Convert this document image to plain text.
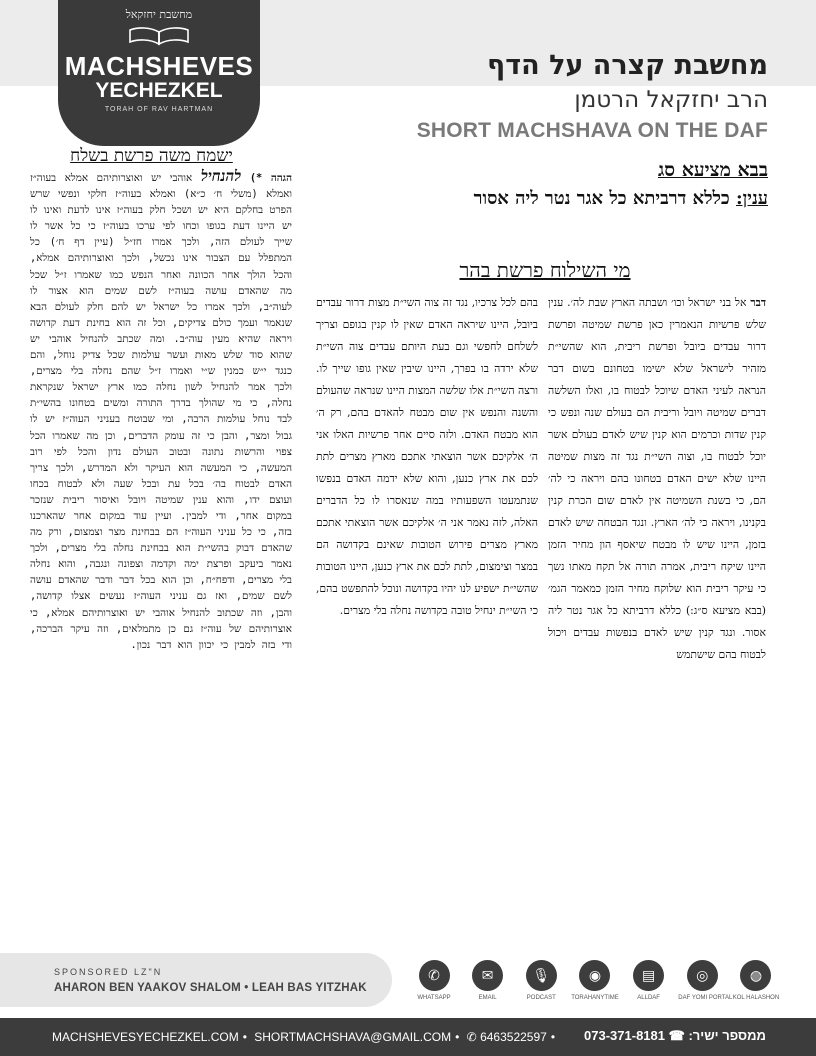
מחשבת יחזקאל
MACHSHEVES
YECHEZKEL
TORAH OF RAV HARTMAN
מחשבת קצרה על הדף
הרב יחזקאל הרטמן
SHORT MACHSHAVA ON THE DAF
בבא מציעא סג
ענין: כללא דרביתא כל אגר נטר ליה אסור
מי השילוח פרשת בהר

דבר אל בני ישראל וכו׳ ושבתה הארץ שבת לה׳. ענין שלש פרשיות הנאמרין כאן פרשת שמיטה ופרשת דרור עבדים ביובל ופרשת ריבית, הוא שהשי״ת מזהיר לישראל שלא ישימו בטחונם בשום דבר הנראה לעיני האדם שיוכל לבטוח בו, ואלו השלשה דברים שמיטה ויובל וריבית הם בעולם שנה ונפש כי קנין שדות וכרמים הוא קנין שיש לאדם בעולם אשר יוכל לבטוח בו, וצוה השי״ת נגד זה מצות שמיטה היינו שלא ישים האדם בטחונו בהם ויראה כי לה׳ הם, כי בשנת השמיטה אין לאדם שום הכרת קנין בקנינו, ויראה כי לה׳ הארץ. ונגד הבטחה שיש לאדם בזמן, היינו שיש לו מבטח שיאסף הון מחיר הזמן היינו שיקח ריבית, אמרה תורה אל תקח מאתו נשך כי עיקר ריבית הוא שלוקח מחיר הזמן כמאמר הגמ׳ (בבא מציעא ס״ג:) כללא דרביתא כל אגר נטר ליה אסור. ונגד קנין שיש לאדם בנפשות עבדים ויכול לבטוח בהם שישתמש

בהם לכל צרכיו, נגד זה צוה השי״ת מצות דרור עבדים ביובל, היינו שיראה האדם שאין לו קנין בגופם וצריך לשלחם לחפשי וגם בעת היותם עבדים צוה השי״ת שלא ירדה בו בפרך, היינו שיבין שאין גופו שייך לו. ורצה השי״ת אלו שלשה המצות היינו שנראה שהעולם והשנה והנפש אין שום מבטח להאדם בהם, רק ה׳ הוא מבטח האדם. ולזה סיים אחר פרשיות האלו אני ה׳ אלקיכם אשר הוצאתי אתכם מארץ מצרים לתת לכם את ארץ כנען, והוא שלא ידמה האדם בנפשו שנתמעטו השפעותיו במה שנאסרו לו כל הדברים האלה, לזה נאמר אני ה׳ אלקיכם אשר הוצאתי אתכם מארץ מצרים פירוש הטובות שאינם בקדושה הם במצר וצימצום, לתת לכם את ארץ כנען, היינו הטובות שהשי״ת ישפיע לנו יהיו בקדושה ונוכל להתפשט בהם, כי השי״ת ינחיל טובה בקדושה נחלה בלי מצרים.

ישמח משה פרשת בשלח
הגהה *) להנחיל אוהבי יש ואוצרותיהם אמלא בעוה״ז ואמלא (משלי ח׳ כ״א) ואמלא בעוה״ז חלקי ונפשי שרש הפרט בחלקם היא יש ושכל חלק בעוה״ז אינו לדעת ואינו לו יש היינו דעת בגופו וכחו לפי ערכו בעוה״ז כי כל אשר לו שייך לעולם הזה, ולכך אמרו חז״ל (עיין דף ח׳) כל המתפלל עם הצבור אינו נכשל, ולכך ואוצרותיהם אמלא, והכל הולך אחר הכוונה ואחר הנפש כמו שאמרו ז״ל שכל מה שהאדם עושה בעוה״ז לשם שמים הוא אצור לו לעוה״ב, ולכך אמרו כל ישראל יש להם חלק לעולם הבא שנאמר ועמך כולם צדיקים, וכל זה הוא בחינת דעת קדושה ויראה שהיא מעין עוה״ב. ומה שכתב להנחיל אוהבי יש שהוא סוד שלש מאות ועשר עולמות שכל צדיק נוחל, והם כנגד י״ש כמנין ש״י ואמרו ז״ל שהם נחלה בלי מצרים, ולכך אמר להנחיל לשון נחלה כמו ארץ ישראל שנקראת נחלה, כי מי שהולך בדרך התורה ומשים בטחונו בהשי״ת לבד נוחל עולמות הרבה, ומי שבוטח בעניני העוה״ז יש לו גבול ומצר, והבן כי זה עומק הדברים, וכן מה שאמרו הכל צפוי והרשות נתונה ובטוב העולם נדון והכל לפי רוב המעשה, כי המעשה הוא העיקר ולא המדרש, ולכך צריך האדם לבטוח בה׳ בכל עת ובכל שעה ולא לבטוח בכחו ועוצם ידו, והוא ענין שמיטה ויובל ואיסור ריבית שנזכר במקום אחר, ודי למבין. ועיין עוד במקום אחר שהארכנו בזה, כי כל עניני העוה״ז הם בבחינת מצר וצמצום, ורק מה שהאדם דבוק בהשי״ת הוא בבחינת נחלה בלי מצרים, ולכך נאמר ביעקב ופרצת ימה וקדמה וצפונה ונגבה, והוא נחלה בלי מצרים, ודפח״ח, וכן הוא בכל דבר ודבר שהאדם עושה לשם שמים, ואז גם עניני העוה״ז נעשים אצלו קדושה, והבן, וזה שכתוב להנחיל אוהבי יש ואוצרותיהם אמלא, כי אוצרותיהם של עוה״ז גם כן מתמלאים, וזה עיקר הברכה, ודי בזה למבין כי יכוון הוא דבר נכון.
SPONSORED LZ"N
AHARON BEN YAAKOV SHALOM • LEAH BAS YITZHAK
✆
WHATSAPP
✉
EMAIL
🎙
PODCAST
◉
TORAHANYTIME
▤
ALLDAF
◎
DAF YOMI PORTAL
◍
KOL HALASHON
MACHSHEVESYECHEZKEL.COM • SHORTMACHSHAVA@GMAIL.COM • ✆ 6463522597 •	ממספר ישיר: ☎ 073-371-8181
